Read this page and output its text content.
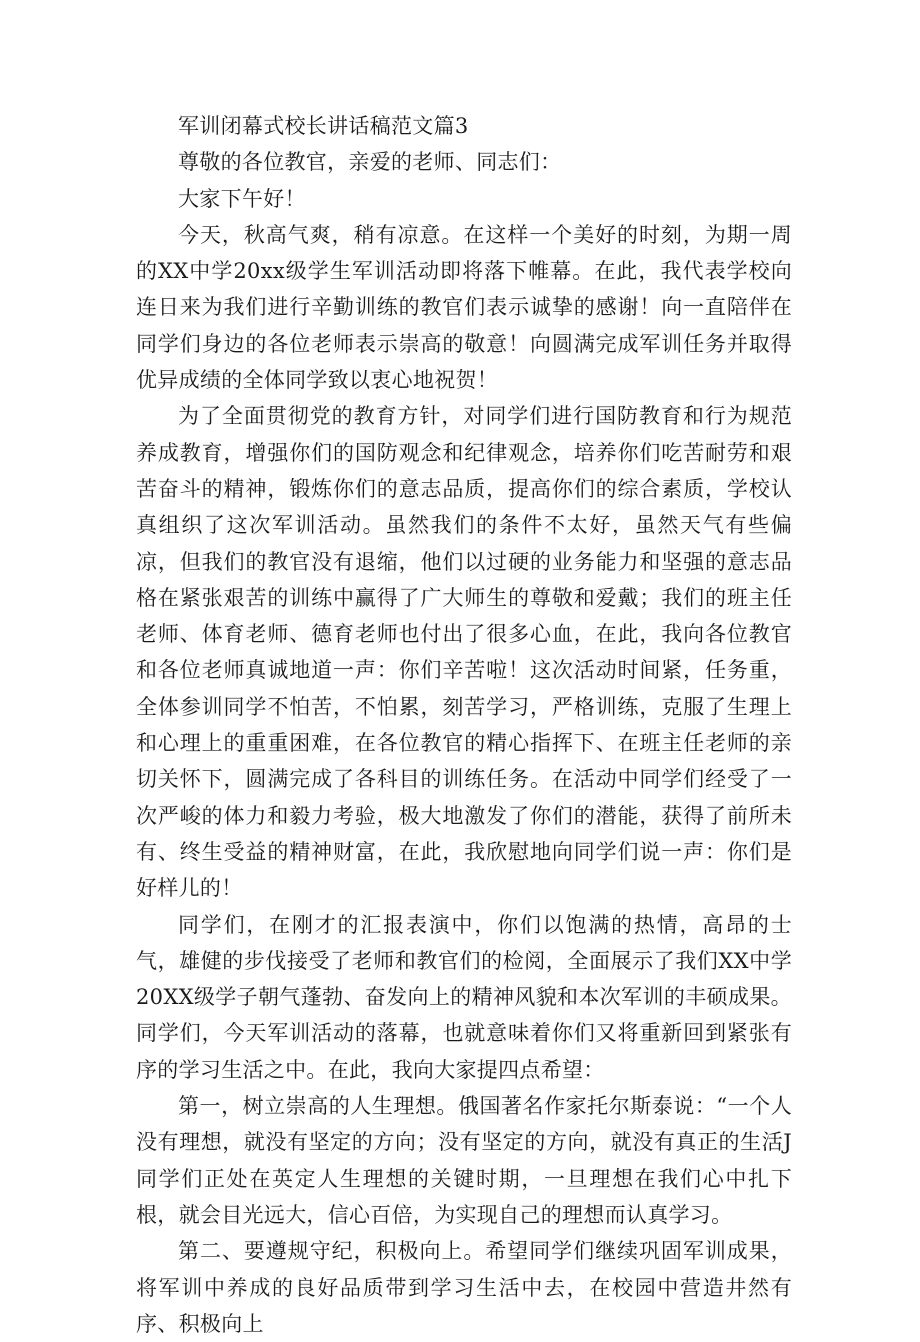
军训闭幕式校长讲话稿范文篇3

尊敬的各位教官，亲爱的老师、同志们：

大家下午好！

今天，秋高气爽，稍有凉意。在这样一个美好的时刻，为期一周的XX中学20xx级学生军训活动即将落下帷幕。在此，我代表学校向连日来为我们进行辛勤训练的教官们表示诚挚的感谢！向一直陪伴在同学们身边的各位老师表示崇高的敬意！向圆满完成军训任务并取得优异成绩的全体同学致以衷心地祝贺！

为了全面贯彻党的教育方针，对同学们进行国防教育和行为规范养成教育，增强你们的国防观念和纪律观念，培养你们吃苦耐劳和艰苦奋斗的精神，锻炼你们的意志品质，提高你们的综合素质，学校认真组织了这次军训活动。虽然我们的条件不太好，虽然天气有些偏凉，但我们的教官没有退缩，他们以过硬的业务能力和坚强的意志品格在紧张艰苦的训练中赢得了广大师生的尊敬和爱戴；我们的班主任老师、体育老师、德育老师也付出了很多心血，在此，我向各位教官和各位老师真诚地道一声：你们辛苦啦！这次活动时间紧，任务重，全体参训同学不怕苦，不怕累，刻苦学习，严格训练，克服了生理上和心理上的重重困难，在各位教官的精心指挥下、在班主任老师的亲切关怀下，圆满完成了各科目的训练任务。在活动中同学们经受了一次严峻的体力和毅力考验，极大地激发了你们的潜能，获得了前所未有、终生受益的精神财富，在此，我欣慰地向同学们说一声：你们是好样儿的！

同学们，在刚才的汇报表演中，你们以饱满的热情，高昂的士气，雄健的步伐接受了老师和教官们的检阅，全面展示了我们XX中学20XX级学子朝气蓬勃、奋发向上的精神风貌和本次军训的丰硕成果。同学们，今天军训活动的落幕，也就意味着你们又将重新回到紧张有序的学习生活之中。在此，我向大家提四点希望：

第一，树立崇高的人生理想。俄国著名作家托尔斯泰说：“一个人没有理想，就没有坚定的方向；没有坚定的方向，就没有真正的生活J同学们正处在英定人生理想的关键时期，一旦理想在我们心中扎下根，就会目光远大，信心百倍，为实现自己的理想而认真学习。

第二、要遵规守纪，积极向上。希望同学们继续巩固军训成果，将军训中养成的良好品质带到学习生活中去，在校园中营造井然有序、积极向上
